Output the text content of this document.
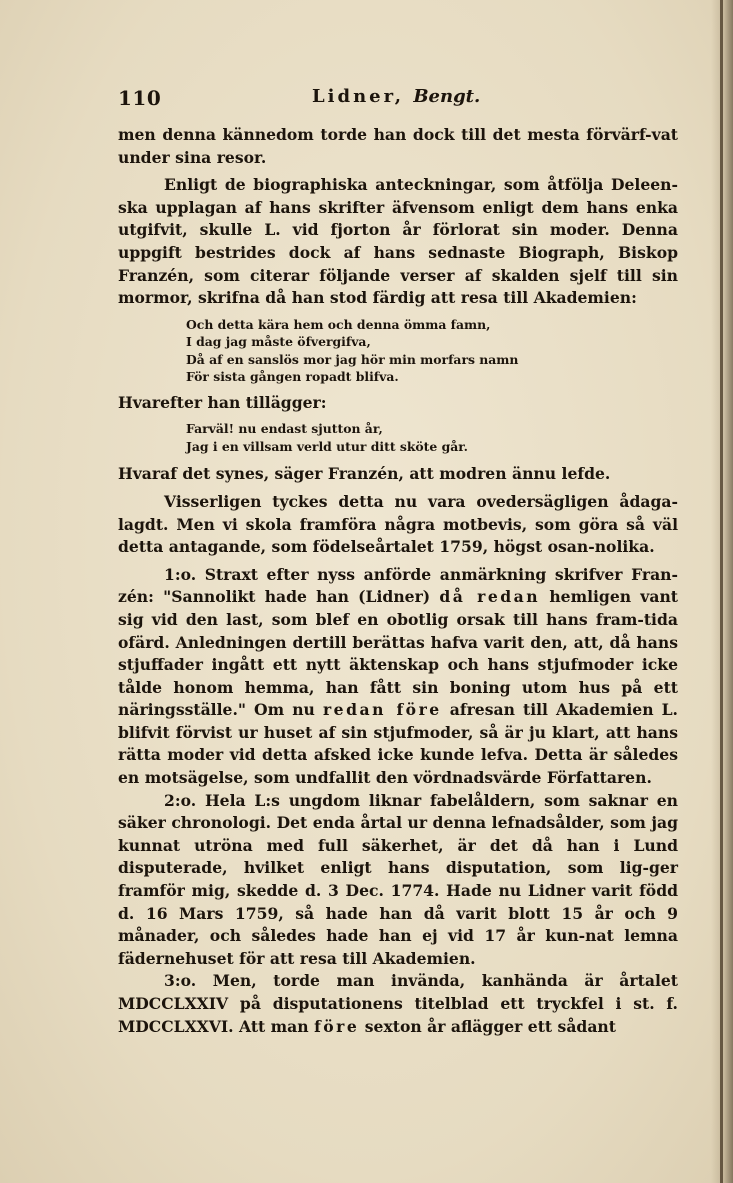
110	Lidner, Bengt.

men denna kännedom torde han dock till det mesta förvärf-vat under sina resor.

Enligt de biographiska anteckningar, som åtfölja Deleen-ska upplagan af hans skrifter äfvensom enligt dem hans enka utgifvit, skulle L. vid fjorton år förlorat sin moder. Denna uppgift bestrides dock af hans sednaste Biograph, Biskop Franzén, som citerar följande verser af skalden sjelf till sin mormor, skrifna då han stod färdig att resa till Akademien:

Och detta kära hem och denna ömma famn,
I dag jag måste öfvergifva,
Då af en sanslös mor jag hör min morfars namn
För sista gången ropadt blifva.

Hvarefter han tillägger:

Farväl! nu endast sjutton år,
Jag i en villsam verld utur ditt sköte går.

Hvaraf det synes, säger Franzén, att modren ännu lefde.

Visserligen tyckes detta nu vara ovedersägligen ådaga-lagdt. Men vi skola framföra några motbevis, som göra så väl detta antagande, som födelseårtalet 1759, högst osan-nolika.

1:o. Straxt efter nyss anförde anmärkning skrifver Fran-zén: "Sannolikt hade han (Lidner) då redan hemligen vant sig vid den last, som blef en obotlig orsak till hans fram-tida ofärd. Anledningen dertill berättas hafva varit den, att, då hans stjuffader ingått ett nytt äktenskap och hans stjufmoder icke tålde honom hemma, han fått sin boning utom hus på ett näringsställe." Om nu redan före afresan till Akademien L. blifvit förvist ur huset af sin stjufmoder, så är ju klart, att hans rätta moder vid detta afsked icke kunde lefva. Detta är således en motsägelse, som undfallit den vördnadsvärde Författaren.

2:o. Hela L:s ungdom liknar fabelåldern, som saknar en säker chronologi. Det enda årtal ur denna lefnadsålder, som jag kunnat utröna med full säkerhet, är det då han i Lund disputerade, hvilket enligt hans disputation, som lig-ger framför mig, skedde d. 3 Dec. 1774. Hade nu Lidner varit född d. 16 Mars 1759, så hade han då varit blott 15 år och 9 månader, och således hade han ej vid 17 år kun-nat lemna fädernehuset för att resa till Akademien.

3:o. Men, torde man invända, kanhända är årtalet MDCCLXXIV på disputationens titelblad ett tryckfel i st. f. MDCCLXXVI. Att man före sexton år aflägger ett sådant
